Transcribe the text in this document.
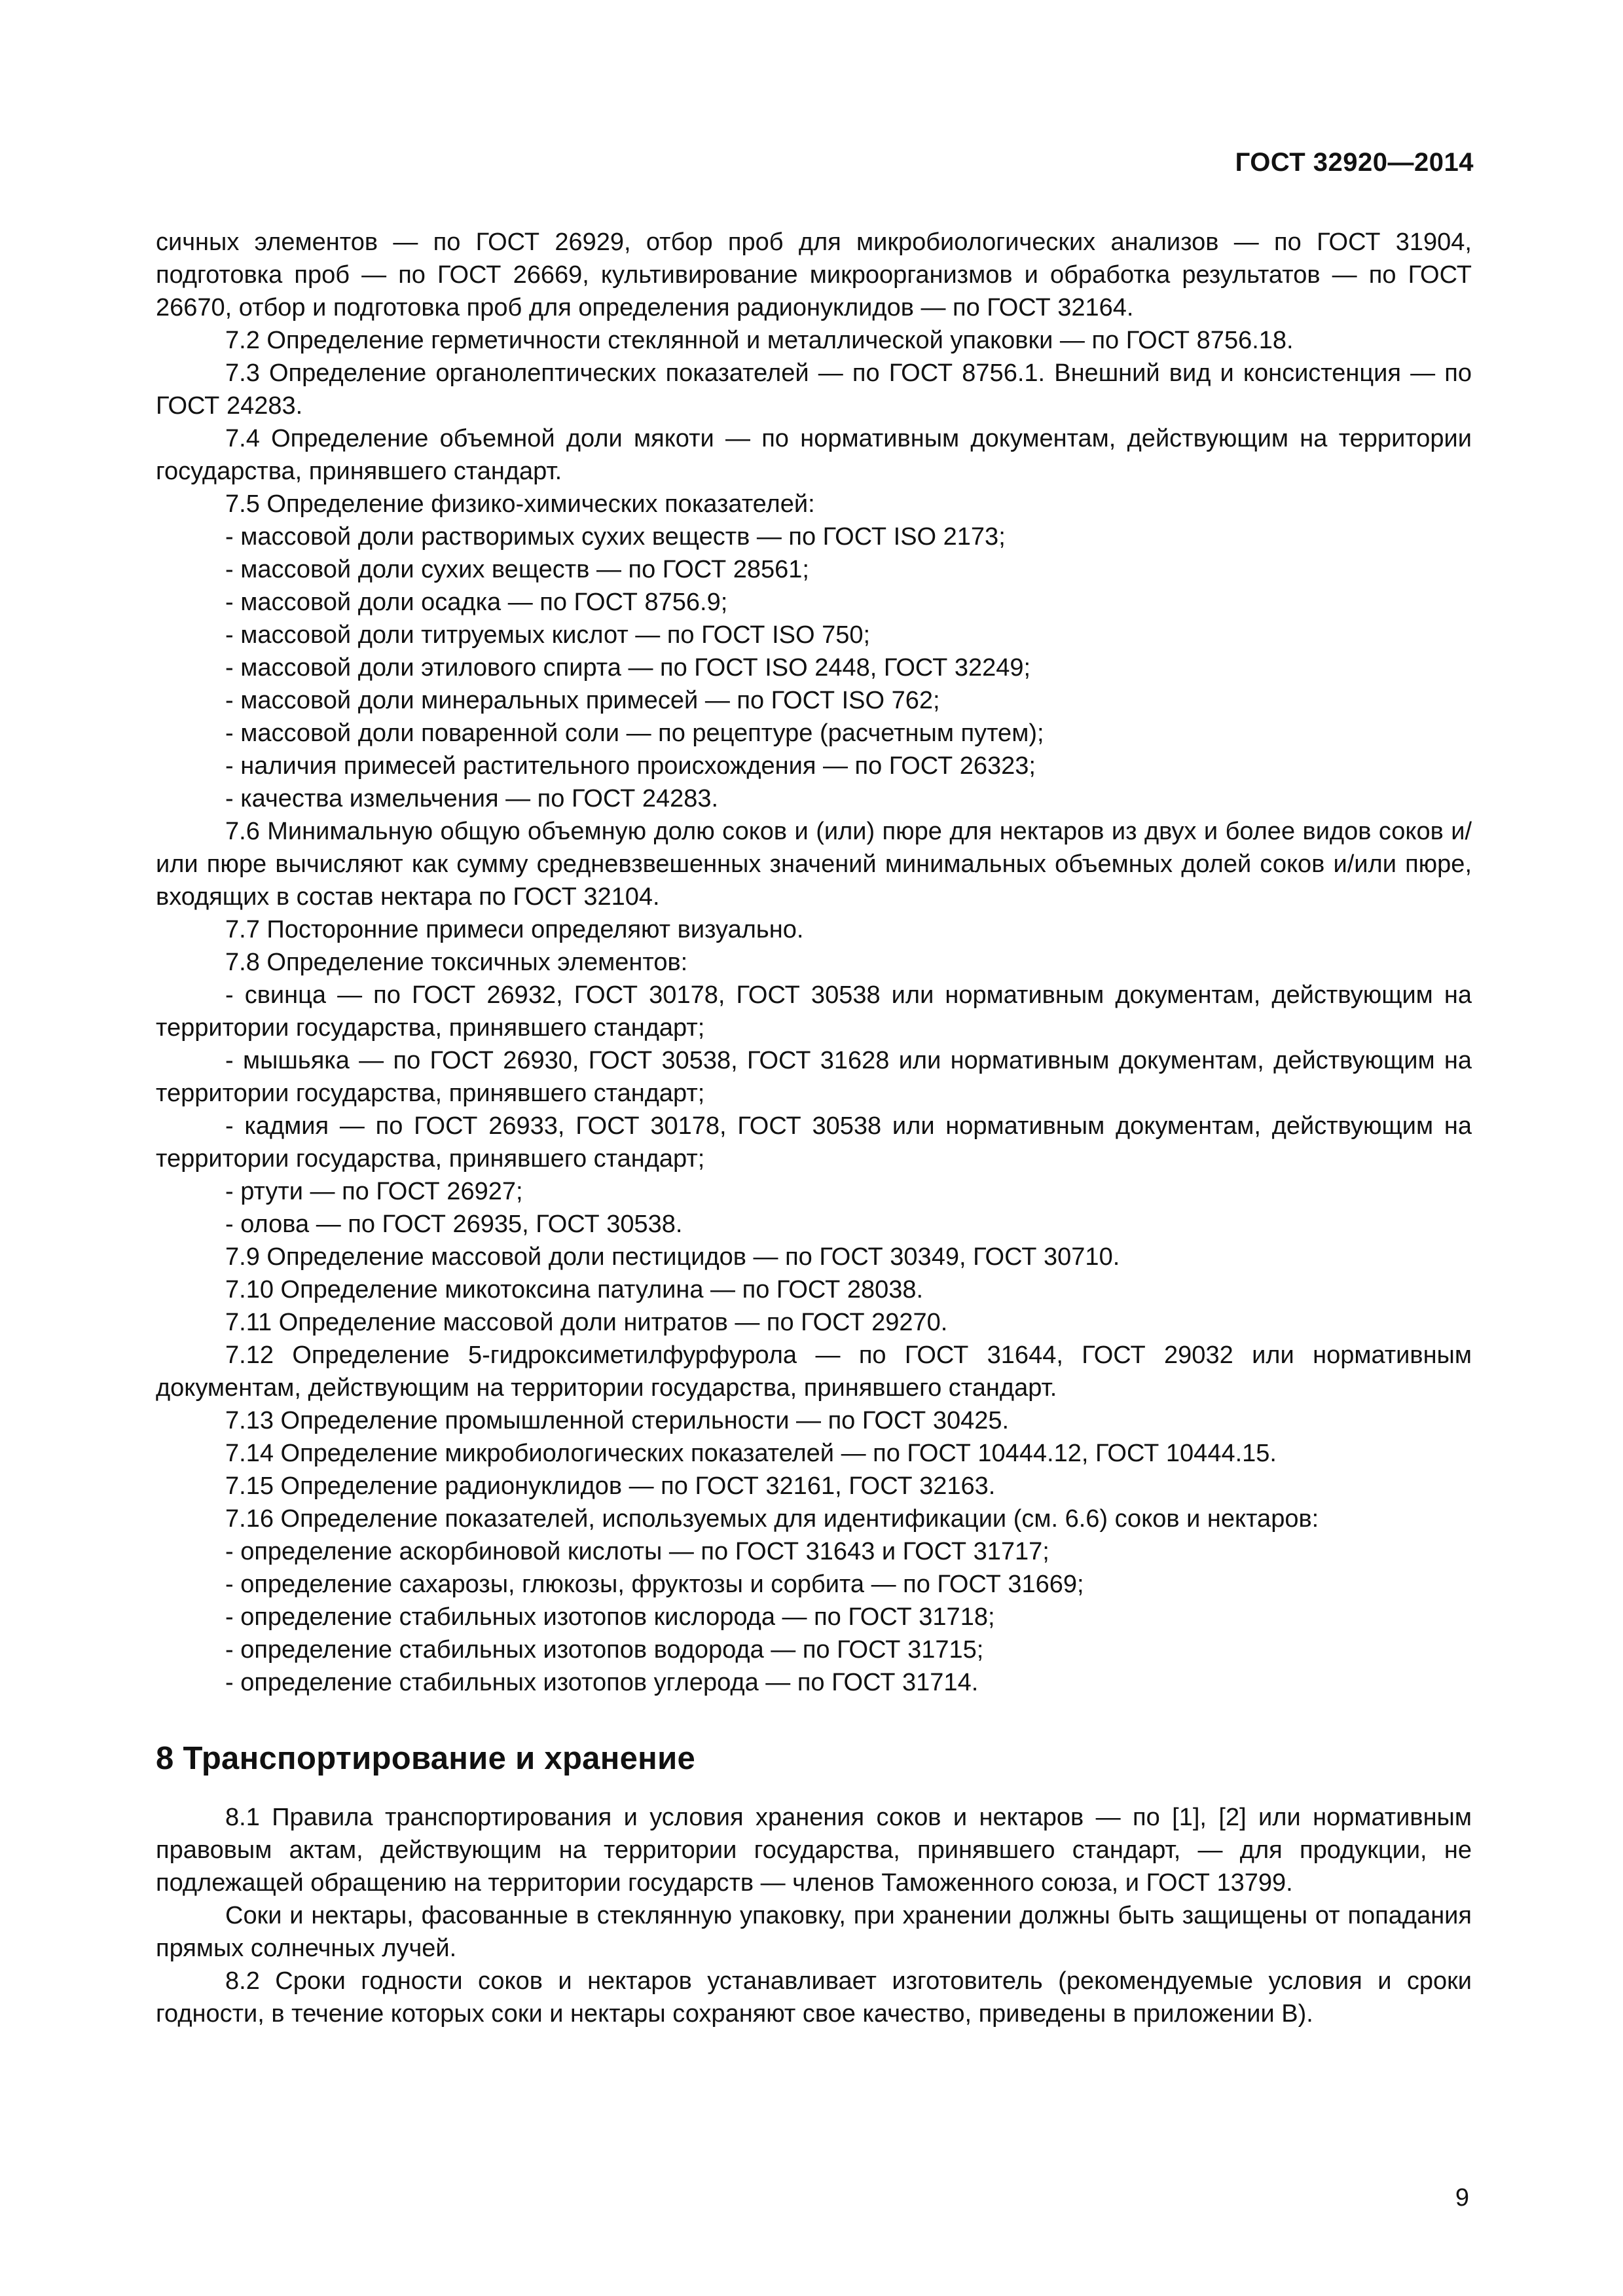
ГОСТ 32920—2014

сичных элементов — по ГОСТ 26929, отбор проб для микробиологических анализов — по ГОСТ 31904, подготовка проб — по ГОСТ 26669, культивирование микроорганизмов и обработка результатов — по ГОСТ 26670, отбор и подготовка проб для определения радионуклидов — по ГОСТ 32164.

7.2 Определение герметичности стеклянной и металлической упаковки — по ГОСТ 8756.18.

7.3 Определение органолептических показателей — по ГОСТ 8756.1. Внешний вид и консистенция — по ГОСТ 24283.

7.4 Определение объемной доли мякоти — по нормативным документам, действующим на территории государства, принявшего стандарт.

7.5 Определение физико-химических показателей:

- массовой доли растворимых сухих веществ — по ГОСТ ISO 2173;

- массовой доли сухих веществ — по ГОСТ 28561;

- массовой доли осадка — по ГОСТ 8756.9;

- массовой доли титруемых кислот — по ГОСТ ISO 750;

- массовой доли этилового спирта — по ГОСТ ISO 2448, ГОСТ 32249;

- массовой доли минеральных примесей — по ГОСТ ISO 762;

- массовой доли поваренной соли — по рецептуре (расчетным путем);

- наличия примесей растительного происхождения — по ГОСТ 26323;

- качества измельчения — по ГОСТ 24283.

7.6 Минимальную общую объемную долю соков и (или) пюре для нектаров из двух и более видов соков и/или пюре вычисляют как сумму средневзвешенных значений минимальных объемных долей соков и/или пюре, входящих в состав нектара по ГОСТ 32104.

7.7 Посторонние примеси определяют визуально.

7.8 Определение токсичных элементов:

- свинца — по ГОСТ 26932, ГОСТ 30178, ГОСТ 30538 или нормативным документам, действующим на территории государства, принявшего стандарт;

- мышьяка — по ГОСТ 26930, ГОСТ 30538, ГОСТ 31628 или нормативным документам, действующим на территории государства, принявшего стандарт;

- кадмия — по ГОСТ 26933, ГОСТ 30178, ГОСТ 30538 или нормативным документам, действующим на территории государства, принявшего стандарт;

- ртути — по ГОСТ 26927;

- олова — по ГОСТ 26935, ГОСТ 30538.

7.9 Определение массовой доли пестицидов — по ГОСТ 30349, ГОСТ 30710.

7.10 Определение микотоксина патулина — по ГОСТ 28038.

7.11 Определение массовой доли нитратов — по ГОСТ 29270.

7.12 Определение 5-гидроксиметилфурфурола — по ГОСТ 31644, ГОСТ 29032 или нормативным документам, действующим на территории государства, принявшего стандарт.

7.13 Определение промышленной стерильности — по ГОСТ 30425.

7.14 Определение микробиологических показателей — по ГОСТ 10444.12, ГОСТ 10444.15.

7.15 Определение радионуклидов — по ГОСТ 32161, ГОСТ 32163.

7.16 Определение показателей, используемых для идентификации (см. 6.6) соков и нектаров:

- определение аскорбиновой кислоты — по ГОСТ 31643 и ГОСТ 31717;

- определение сахарозы, глюкозы, фруктозы и сорбита — по ГОСТ 31669;

- определение стабильных изотопов кислорода — по ГОСТ 31718;

- определение стабильных изотопов водорода — по ГОСТ 31715;

- определение стабильных изотопов углерода — по ГОСТ 31714.

8 Транспортирование и хранение

8.1 Правила транспортирования и условия хранения соков и нектаров — по [1], [2] или нормативным правовым актам, действующим на территории государства, принявшего стандарт, — для продукции, не подлежащей обращению на территории государств — членов Таможенного союза, и ГОСТ 13799.

Соки и нектары, фасованные в стеклянную упаковку, при хранении должны быть защищены от попадания прямых солнечных лучей.

8.2 Сроки годности соков и нектаров устанавливает изготовитель (рекомендуемые условия и сроки годности, в течение которых соки и нектары сохраняют свое качество, приведены в приложении В).

9
